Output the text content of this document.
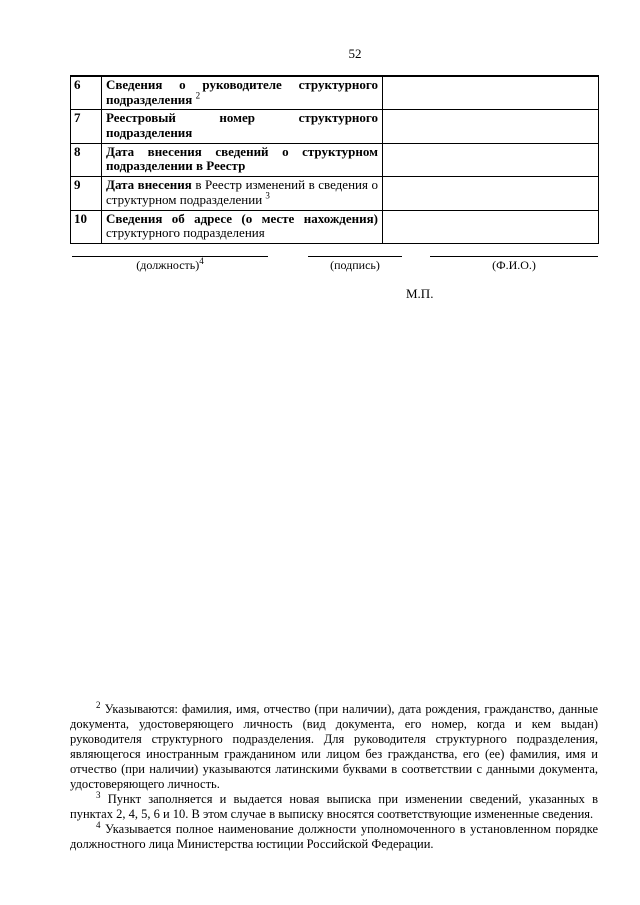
52
6	Сведения о руководителе структурного подразделения $^2$	
7	Реестровый номер структурного подразделения	
8	Дата внесения сведений о структурном подразделении в Реестр	
9	Дата внесения в Реестр изменений в сведения о структурном подразделении $^3$	
10	Сведения об адресе (о месте нахождения) структурного подразделения	
(должность)$^4$	(подпись)	(Ф.И.О.)
М.П.

$^2$ Указываются: фамилия, имя, отчество (при наличии), дата рождения, гражданство, данные документа, удостоверяющего личность (вид документа, его номер, когда и кем выдан) руководителя структурного подразделения. Для руководителя структурного подразделения, являющегося иностранным гражданином или лицом без гражданства, его (ее) фамилия, имя и отчество (при наличии) указываются латинскими буквами в соответствии с данными документа, удостоверяющего личность.

$^3$ Пункт заполняется и выдается новая выписка при изменении сведений, указанных в пунктах 2, 4, 5, 6 и 10. В этом случае в выписку вносятся соответствующие измененные сведения.

$^4$ Указывается полное наименование должности уполномоченного в установленном порядке должностного лица Министерства юстиции Российской Федерации.
